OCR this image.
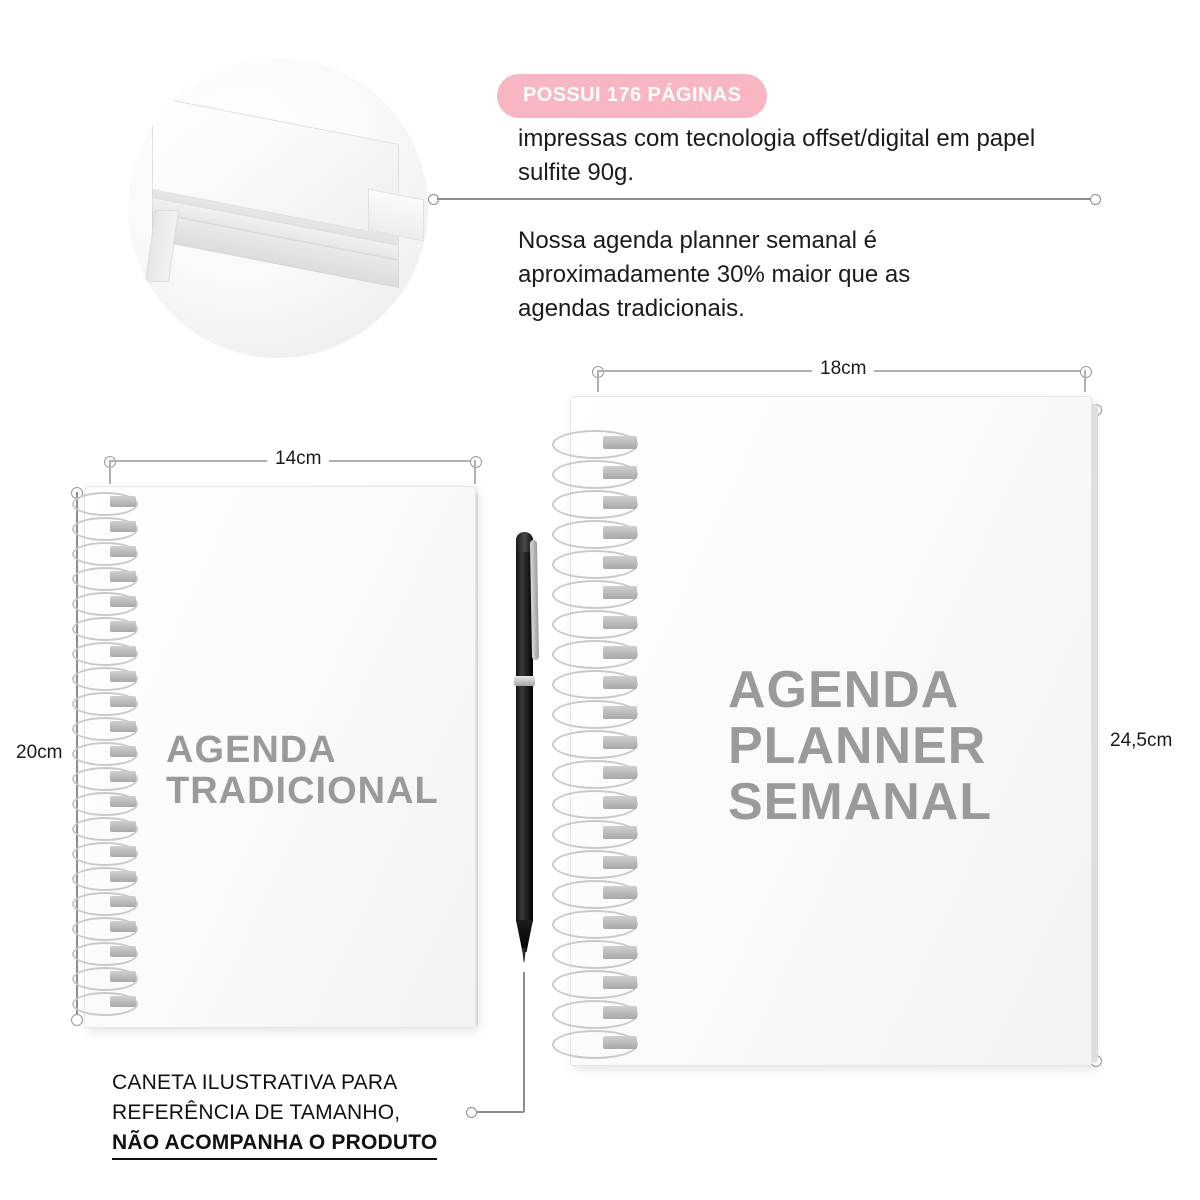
POSSUI 176 PÁGINAS
impressas com tecnologia offset/digital em papel sulfite 90g.
Nossa agenda planner semanal é aproximadamente 30% maior que as agendas tradicionais.
18cm
24,5cm
14cm
20cm	AGENDA
TRADICIONAL
AGENDA
PLANNER
SEMANAL
CANETA ILUSTRATIVA PARA
REFERÊNCIA DE TAMANHO,
NÃO ACOMPANHA O PRODUTO
